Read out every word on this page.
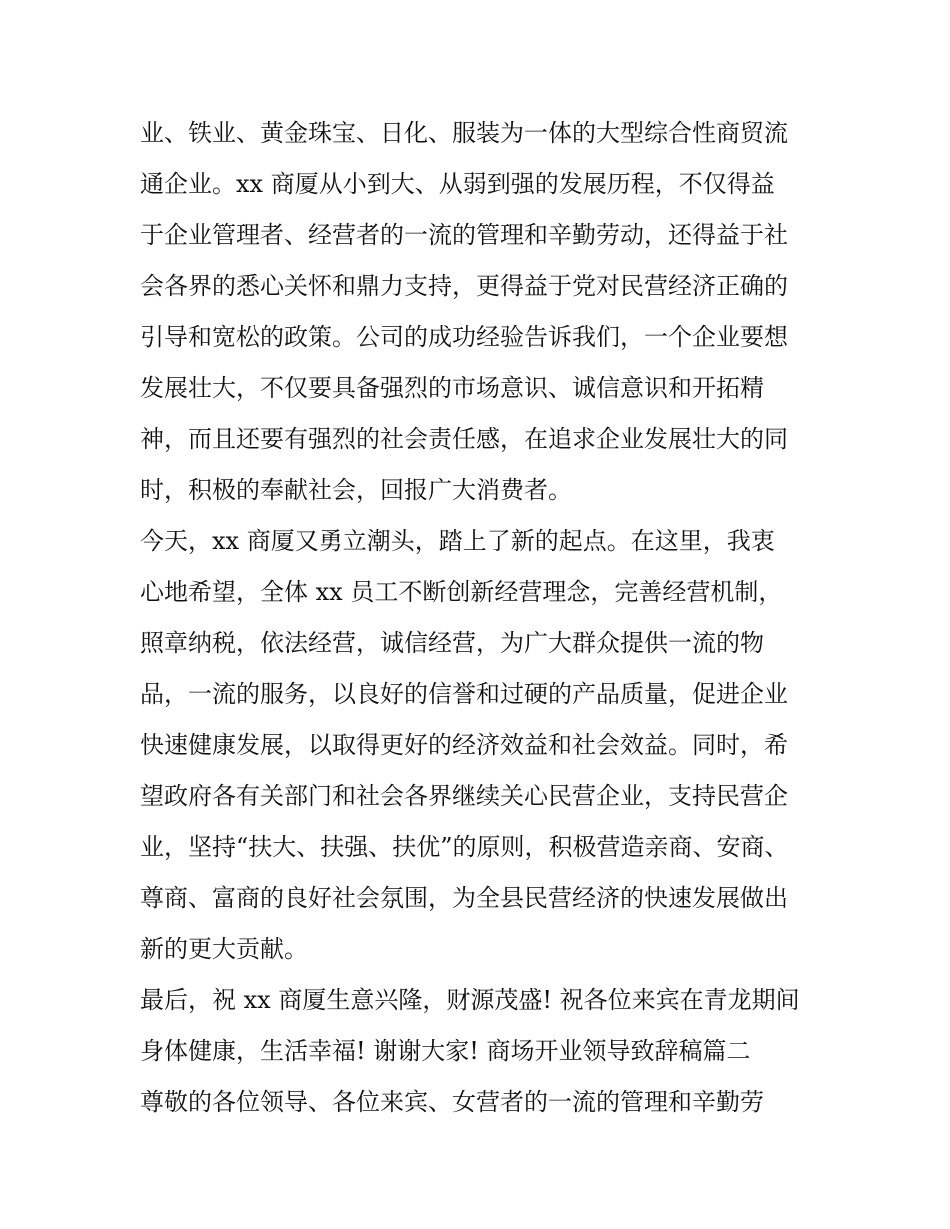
业、铁业、黄金珠宝、日化、服装为一体的大型综合性商贸流
通企业。xx 商厦从小到大、从弱到强的发展历程，不仅得益
于企业管理者、经营者的一流的管理和辛勤劳动，还得益于社
会各界的悉心关怀和鼎力支持，更得益于党对民营经济正确的
引导和宽松的政策。公司的成功经验告诉我们，一个企业要想
发展壮大，不仅要具备强烈的市场意识、诚信意识和开拓精
神，而且还要有强烈的社会责任感，在追求企业发展壮大的同
时，积极的奉献社会，回报广大消费者。
今天，xx 商厦又勇立潮头，踏上了新的起点。在这里，我衷
心地希望，全体 xx 员工不断创新经营理念，完善经营机制，
照章纳税，依法经营，诚信经营，为广大群众提供一流的物
品，一流的服务，以良好的信誉和过硬的产品质量，促进企业
快速健康发展，以取得更好的经济效益和社会效益。同时，希
望政府各有关部门和社会各界继续关心民营企业，支持民营企
业，坚持“扶大、扶强、扶优”的原则，积极营造亲商、安商、
尊商、富商的良好社会氛围，为全县民营经济的快速发展做出
新的更大贡献。
最后，祝 xx 商厦生意兴隆，财源茂盛! 祝各位来宾在青龙期间
身体健康，生活幸福! 谢谢大家! 商场开业领导致辞稿篇二
尊敬的各位领导、各位来宾、女营者的一流的管理和辛勤劳
